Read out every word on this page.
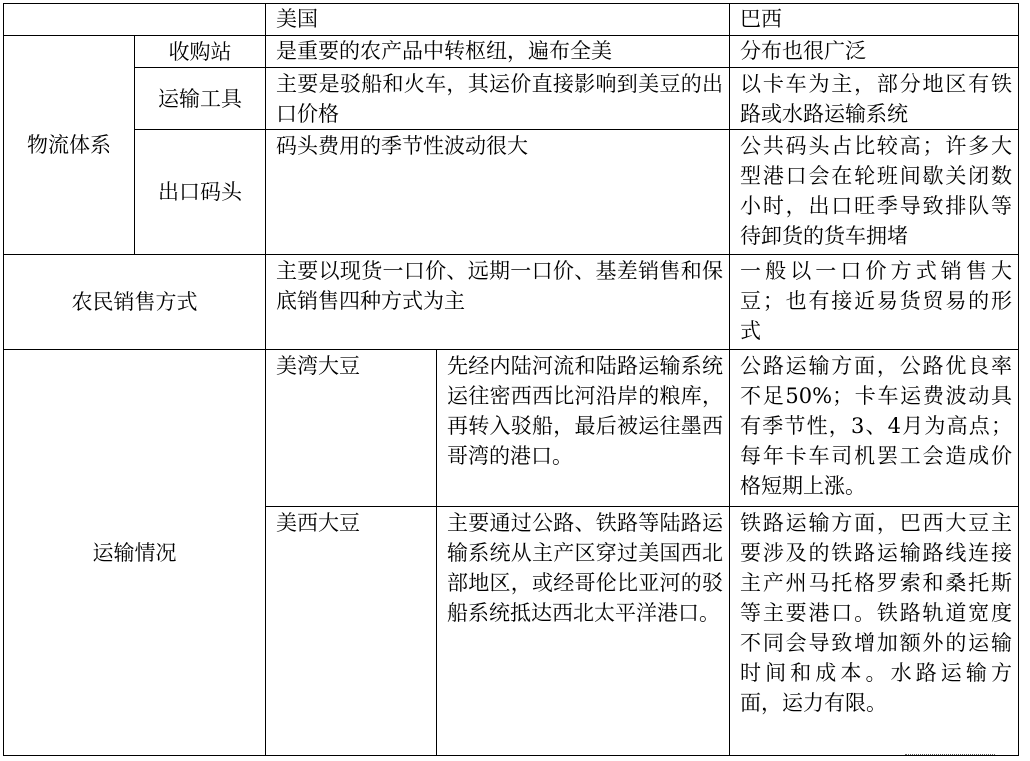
		美国		巴西
物流体系	收购站	是重要的农产品中转枢纽，遍布全美		分布也很广泛
	运输工具	主要是驳船和火车，其运价直接影响到美豆的出口价格		以卡车为主，部分地区有铁路或水路运输系统
	出口码头	码头费用的季节性波动很大		公共码头占比较高；许多大型港口会在轮班间歇关闭数小时，出口旺季导致排队等待卸货的货车拥堵
农民销售方式		主要以现货一口价、远期一口价、基差销售和保底销售四种方式为主		一般以一口价方式销售大豆；也有接近易货贸易的形式
运输情况		美湾大豆	先经内陆河流和陆路运输系统运往密西西比河沿岸的粮库，再转入驳船，最后被运往墨西哥湾的港口。	公路运输方面，公路优良率不足50%；卡车运费波动具有季节性，3、4月为高点；每年卡车司机罢工会造成价格短期上涨。
		美西大豆	主要通过公路、铁路等陆路运输系统从主产区穿过美国西北部地区，或经哥伦比亚河的驳船系统抵达西北太平洋港口。	铁路运输方面，巴西大豆主要涉及的铁路运输路线连接主产州马托格罗索和桑托斯等主要港口。铁路轨道宽度不同会导致增加额外的运输时间和成本。水路运输方面，运力有限。
